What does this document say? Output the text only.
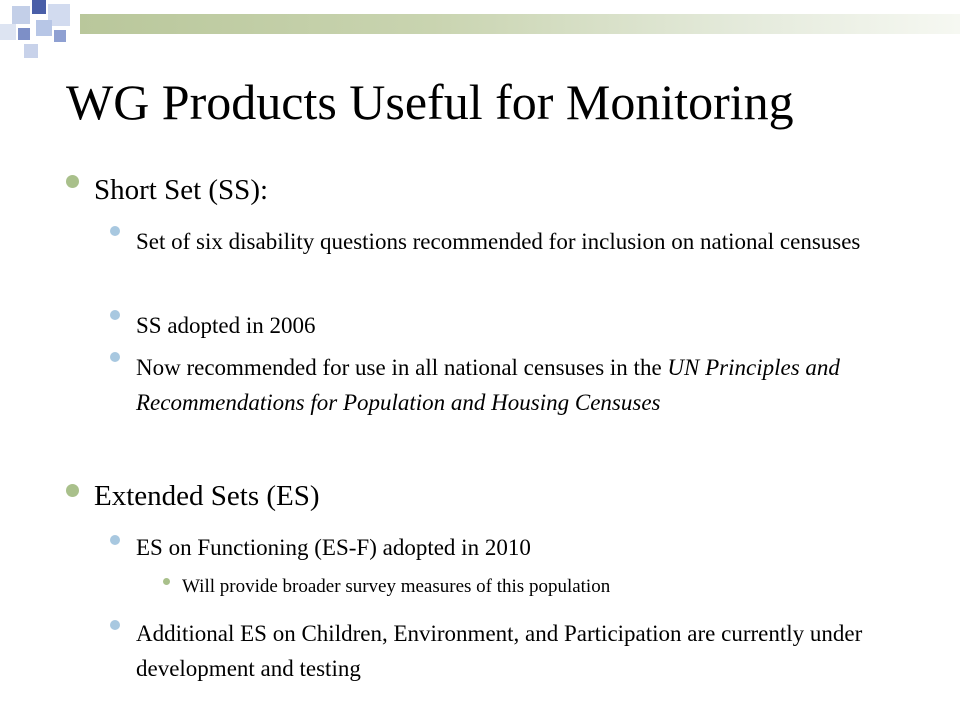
WG Products Useful for Monitoring
Short Set (SS):
Set of six disability questions recommended for inclusion on national censuses
SS adopted in 2006
Now recommended for use in all national censuses in the UN Principles and Recommendations for Population and Housing Censuses
Extended Sets (ES)
ES on Functioning (ES-F) adopted in 2010
Will provide broader survey measures of this population
Additional ES on Children, Environment, and Participation are currently under development and testing
